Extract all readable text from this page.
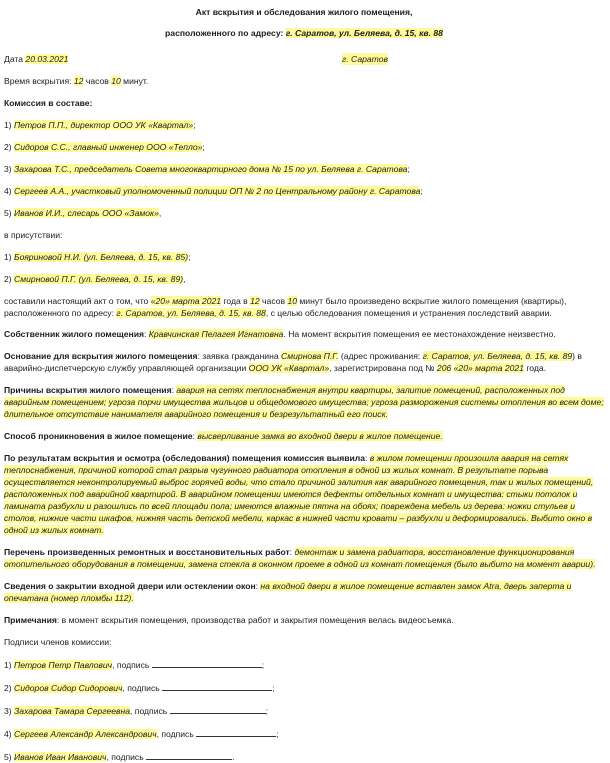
Акт вскрытия и обследования жилого помещения,

расположенного по адресу: г. Саратов, ул. Беляева, д. 15, кв. 88

Дата 20.03.2021	г. Саратов

Время вскрытия: 12 часов 10 минут.

Комиссия в составе:

1) Петров П.П., директор ООО УК «Квартал»;

2) Сидоров С.С., главный инженер ООО «Тепло»;

3) Захарова Т.С., председатель Совета многоквартирного дома № 15 по ул. Беляева г. Саратова;

4) Сергеев А.А., участковый уполномоченный полиции ОП № 2 по Центральному району г. Саратова;

5) Иванов И.И., слесарь ООО «Замок»,

в присутствии:

1) Бояриновой Н.И. (ул. Беляева, д. 15, кв. 85);

2) Смирновой П.Г. (ул. Беляева, д. 15, кв. 89),

составили настоящий акт о том, что «20» марта 2021 года в 12 часов 10 минут было произведено вскрытие жилого помещения (квартиры), расположенного по адресу: г. Саратов, ул. Беляева, д. 15, кв. 88, с целью обследования помещения и устранения последствий аварии.

Собственник жилого помещения: Кравчинская Пелагея Игнатовна. На момент вскрытия помещения ее местонахождение неизвестно.

Основание для вскрытия жилого помещения: заявка гражданина Смирнова П.Г. (адрес проживания: г. Саратов, ул. Беляева, д. 15, кв. 89) в аварийно-диспетчерскую службу управляющей организации ООО УК «Квартал», зарегистрирована под № 206 «20» марта 2021 года.

Причины вскрытия жилого помещения: авария на сетях теплоснабжения внутри квартиры, залитие помещений, расположенных под аварийным помещением; угроза порчи имущества жильцов и общедомового имущества; угроза разморожения системы отопления во всем доме; длительное отсутствие нанимателя аварийного помещения и безрезультатный его поиск.

Способ проникновения в жилое помещение: высверливание замка во входной двери в жилое помещение.

По результатам вскрытия и осмотра (обследования) помещения комиссия выявила: в жилом помещении произошла авария на сетях теплоснабжения, причиной которой стал разрыв чугунного радиатора отопления в одной из жилых комнат. В результате порыва осуществляется неконтролируемый выброс горячей воды, что стало причиной залития как аварийного помещения, так и жилых помещений, расположенных под аварийной квартирой. В аварийном помещении имеются дефекты отдельных комнат и имущества: стыки потолок и ламината разбухли и разошлись по всей площади пола; имеются влажные пятна на обоях; повреждена мебель из дерева: ножки стульев и столов, нижние части шкафов, нижняя часть детской мебели, каркас в нижней части кровати – разбухли и деформировались. Выбито окно в одной из жилых комнат.

Перечень произведенных ремонтных и восстановительных работ: демонтаж и замена радиатора, восстановление функционирования отопительного оборудования в помещении, замена стекла в оконном проеме в одной из комнат помещения (было выбито на момент аварии).

Сведения о закрытии входной двери или остеклении окон: на входной двери в жилое помещение вставлен замок Atra, дверь заперта и опечатана (номер пломбы 112).

Примечания: в момент вскрытия помещения, производства работ и закрытия помещения велась видеосъемка.

Подписи членов комиссии:

1) Петров Петр Павлович, подпись	;

2) Сидоров Сидор Сидорович, подпись	;

3) Захарова Тамара Сергеевна, подпись	;

4) Сергеев Александр Александрович, подпись	;

5) Иванов Иван Иванович, подпись	.
